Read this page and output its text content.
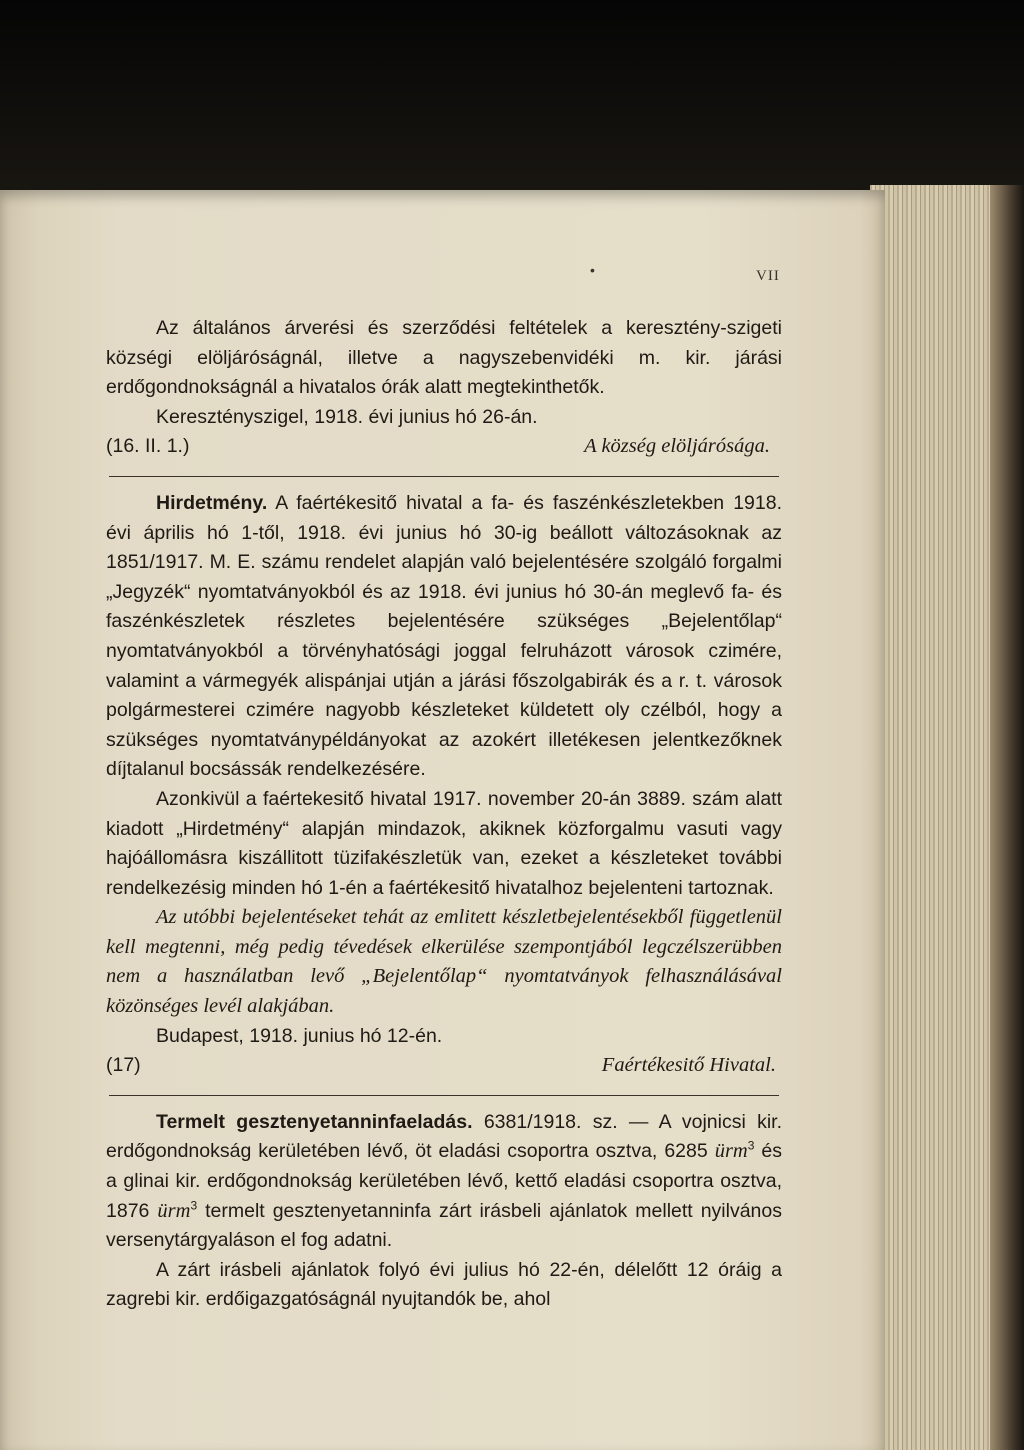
•	VII

Az általános árverési és szerződési feltételek a keresztény-szigeti községi elöljáróságnál, illetve a nagyszebenvidéki m. kir. járási erdőgondnokságnál a hivatalos órák alatt megtekinthetők.

Keresztényszigel, 1918. évi junius hó 26-án.

(16. II. 1.)	A község elöljárósága.

Hirdetmény. A faértékesitő hivatal a fa- és faszénkészletekben 1918. évi április hó 1-től, 1918. évi junius hó 30-ig beállott változásoknak az 1851/1917. M. E. számu rendelet alapján való bejelentésére szolgáló forgalmi „Jegyzék“ nyomtatványokból és az 1918. évi junius hó 30-án meglevő fa- és faszénkészletek részletes bejelentésére szükséges „Bejelentőlap“ nyomtatványokból a törvényhatósági joggal felruházott városok czimére, valamint a vármegyék alispánjai utján a járási főszolgabirák és a r. t. városok polgármesterei czimére nagyobb készleteket küldetett oly czélból, hogy a szükséges nyomtatványpéldányokat az azokért illetékesen jelentkezőknek díjtalanul bocsássák rendelkezésére.

Azonkivül a faértekesitő hivatal 1917. november 20-án 3889. szám alatt kiadott „Hirdetmény“ alapján mindazok, akiknek közforgalmu vasuti vagy hajóállomásra kiszállitott tüzifakészletük van, ezeket a készleteket további rendelkezésig minden hó 1-én a faértékesitő hivatalhoz bejelenteni tartoznak.

Az utóbbi bejelentéseket tehát az emlitett készletbejelentésekből függetlenül kell megtenni, még pedig tévedések elkerülése szempontjából legczélszerübben nem a használatban levő „Bejelentőlap“ nyomtatványok felhasználásával közönséges levél alakjában.

Budapest, 1918. junius hó 12-én.

(17)	Faértékesitő Hivatal.

Termelt gesztenyetanninfaeladás. 6381/1918. sz. — A vojnicsi kir. erdőgondnokság kerületében lévő, öt eladási csoportra osztva, 6285 ürm$^3$ és a glinai kir. erdőgondnokság kerületében lévő, kettő eladási csoportra osztva, 1876 ürm$^3$ termelt gesztenyetanninfa zárt irásbeli ajánlatok mellett nyilvános versenytárgyaláson el fog adatni.

A zárt irásbeli ajánlatok folyó évi julius hó 22-én, délelőtt 12 óráig a zagrebi kir. erdőigazgatóságnál nyujtandók be, ahol
